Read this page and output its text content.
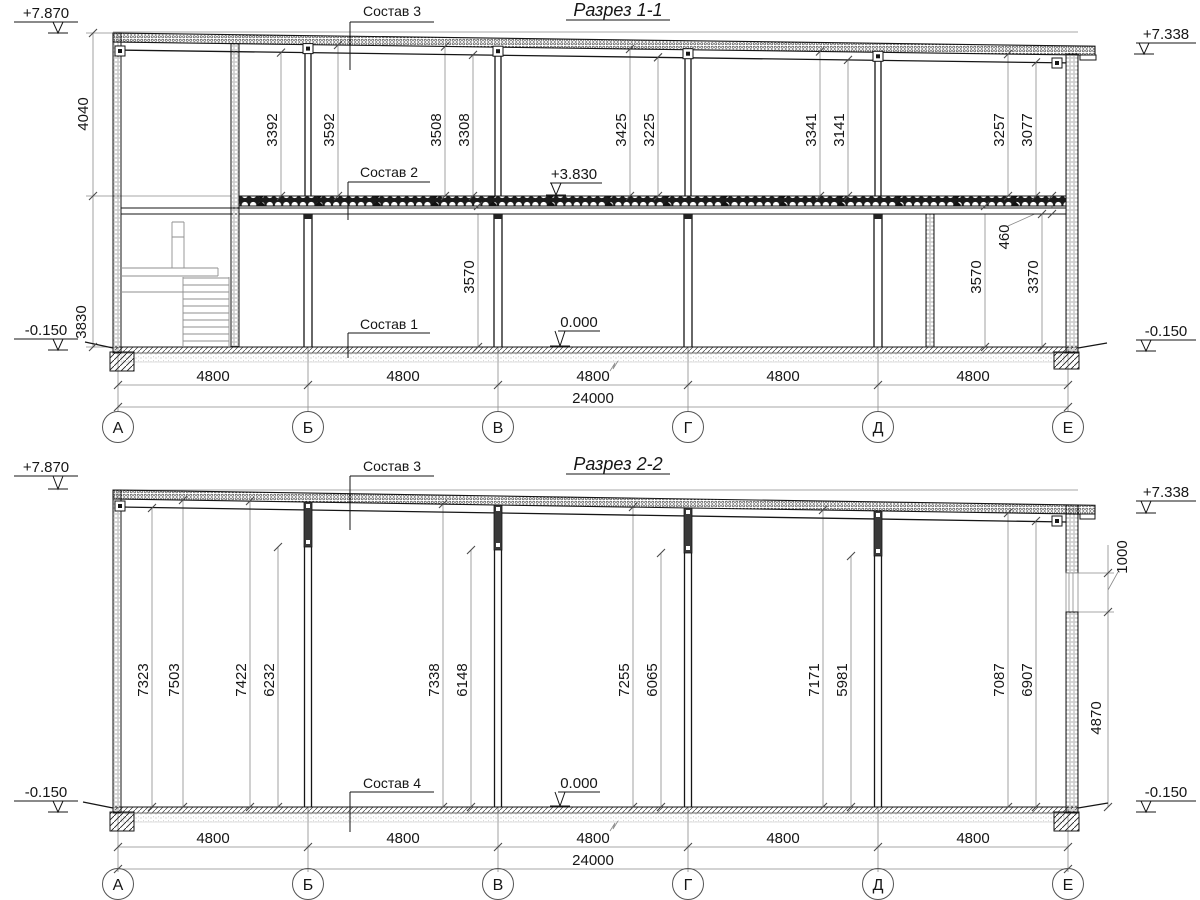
Разрез 1-1
+7.870
+7.338
-0.150	-0.150
0.000
+3.830
Состав 3
Состав 2
Состав 1
4040
3830
3392	3592	3508 3308	3425 3225	3341 3141	3257 3077
3570
460
3570	3370
4800	4800	4800	4800	4800
24000
А	Б	В	Г	Д	Е
Разрез 2-2
+7.870
+7.338
-0.150	-0.150
0.000
Состав 3
Состав 4
7323 7503	7422 6232	7338 6148	7255 6065	7171 5981	7087 6907
1000
4870
4800	4800	4800	4800	4800
24000
А	Б	В	Г	Д	Е
